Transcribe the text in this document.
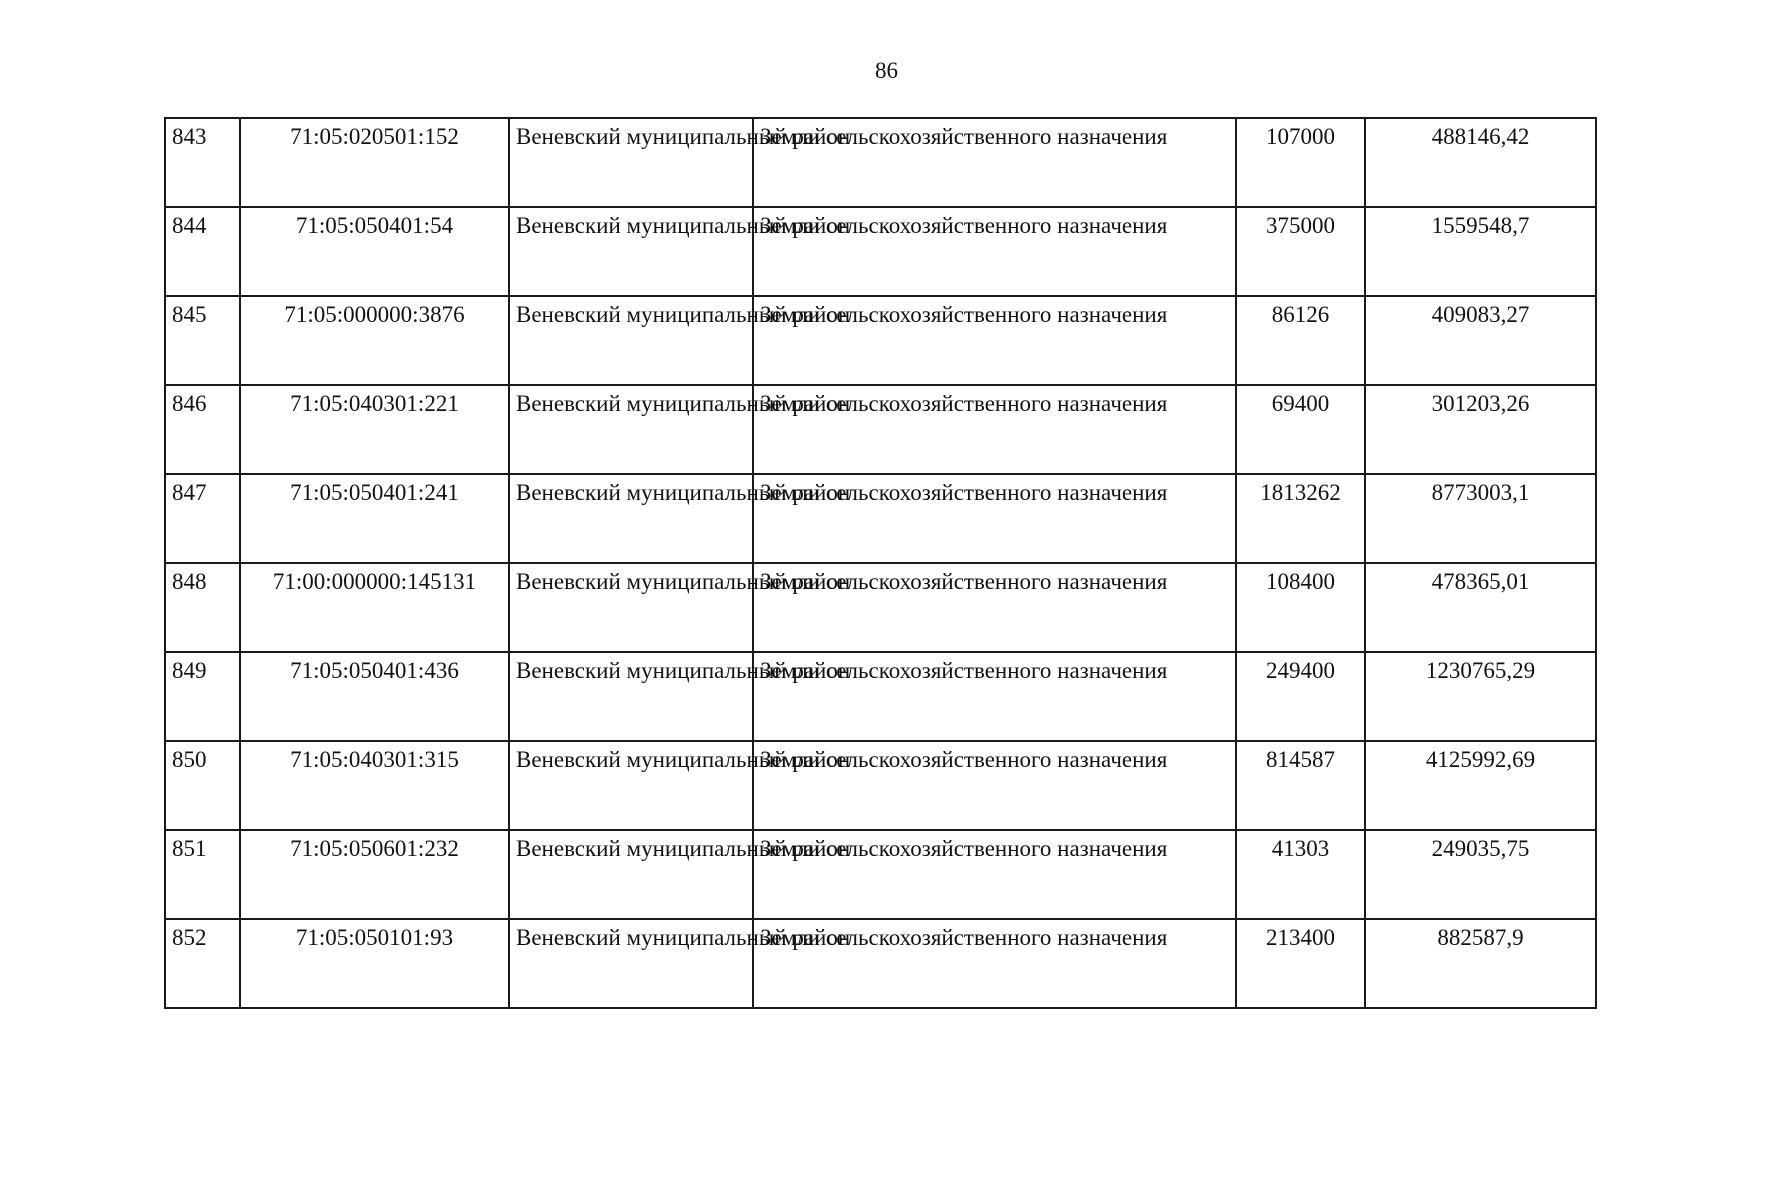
86
843	71:05:020501:152	Веневский муниципальный район	Земли сельскохозяйственного назначения	107000	488146,42
844	71:05:050401:54	Веневский муниципальный район	Земли сельскохозяйственного назначения	375000	1559548,7
845	71:05:000000:3876	Веневский муниципальный район	Земли сельскохозяйственного назначения	86126	409083,27
846	71:05:040301:221	Веневский муниципальный район	Земли сельскохозяйственного назначения	69400	301203,26
847	71:05:050401:241	Веневский муниципальный район	Земли сельскохозяйственного назначения	1813262	8773003,1
848	71:00:000000:145131	Веневский муниципальный район	Земли сельскохозяйственного назначения	108400	478365,01
849	71:05:050401:436	Веневский муниципальный район	Земли сельскохозяйственного назначения	249400	1230765,29
850	71:05:040301:315	Веневский муниципальный район	Земли сельскохозяйственного назначения	814587	4125992,69
851	71:05:050601:232	Веневский муниципальный район	Земли сельскохозяйственного назначения	41303	249035,75
852	71:05:050101:93	Веневский муниципальный район	Земли сельскохозяйственного назначения	213400	882587,9
